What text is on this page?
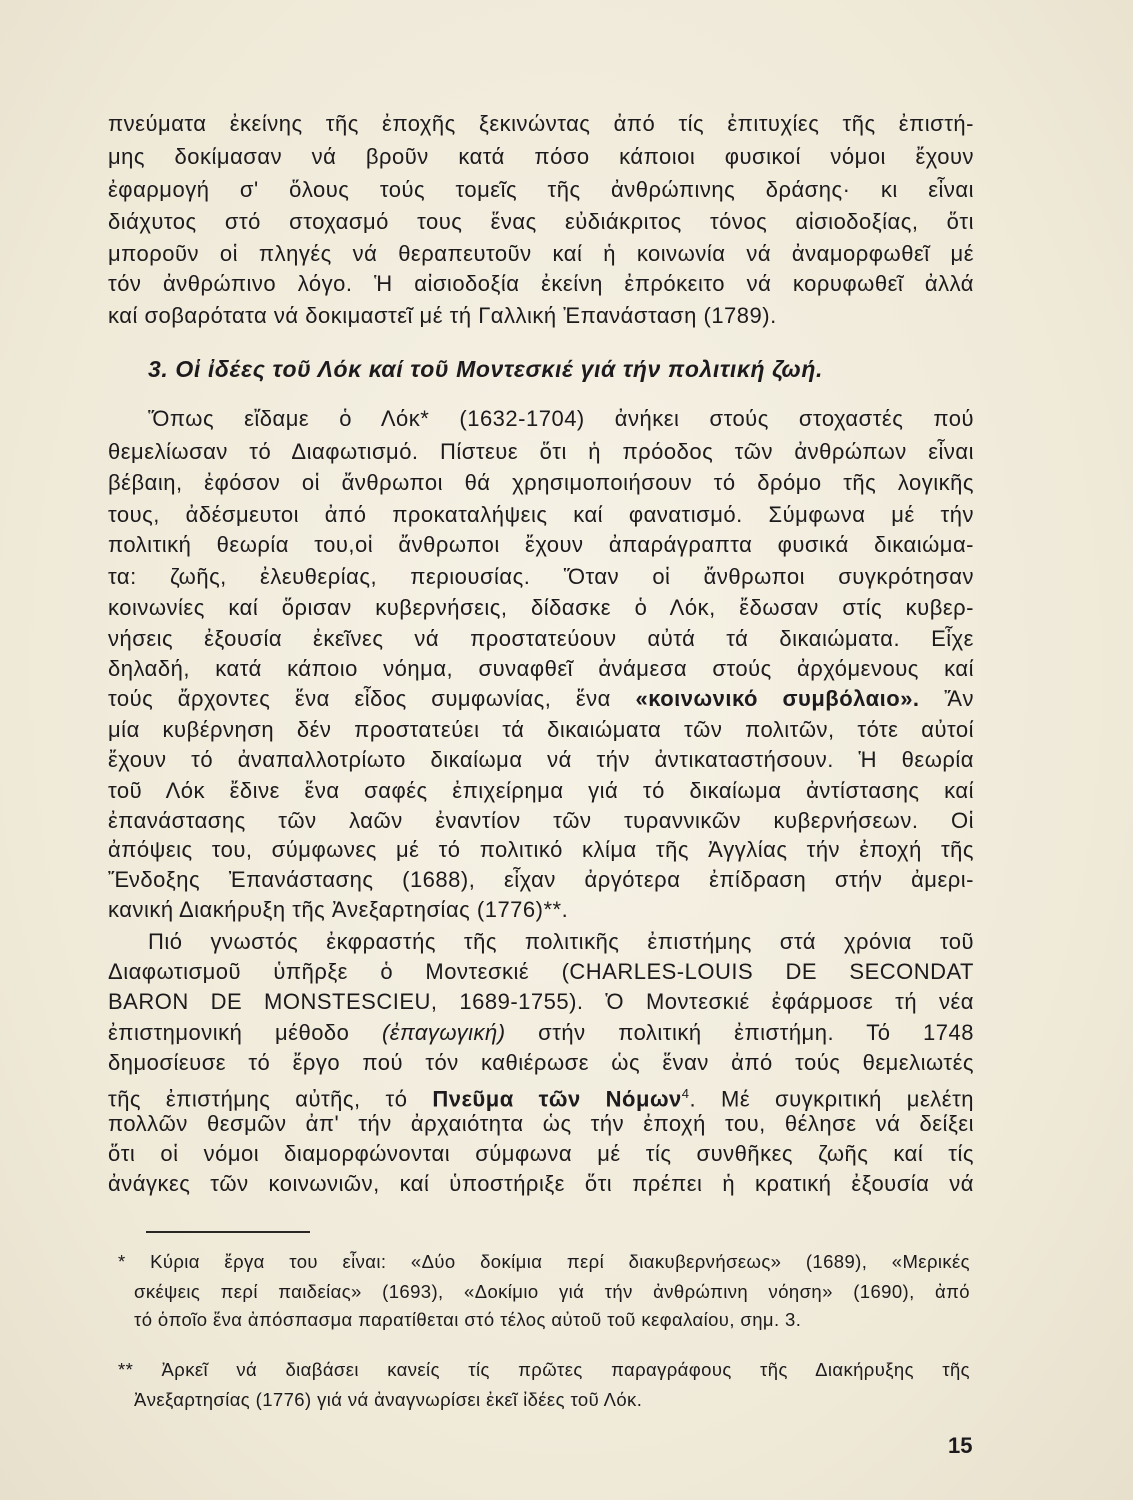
πνεύματα ἐκείνης τῆς ἐποχῆς ξεκινώντας ἀπό τίς ἐπιτυχίες τῆς ἐπιστή-
μης δοκίμασαν νά βροῦν κατά πόσο κάποιοι φυσικοί νόμοι ἔχουν
ἐφαρμογή σ' ὅλους τούς τομεῖς τῆς ἀνθρώπινης δράσης· κι εἶναι
διάχυτος στό στοχασμό τους ἕνας εὐδιάκριτος τόνος αἰσιοδοξίας, ὅτι
μποροῦν οἱ πληγές νά θεραπευτοῦν καί ἡ κοινωνία νά ἀναμορφωθεῖ μέ
τόν ἀνθρώπινο λόγο. Ἡ αἰσιοδοξία ἐκείνη ἐπρόκειτο νά κορυφωθεῖ ἀλλά
καί σοβαρότατα νά δοκιμαστεῖ μέ τή Γαλλική Ἐπανάσταση (1789).
3. Οἱ ἰδέες τοῦ Λόκ καί τοῦ Μοντεσκιέ γιά τήν πολιτική ζωή.
Ὅπως εἴδαμε ὁ Λόκ* (1632-1704) ἀνήκει στούς στοχαστές πού
θεμελίωσαν τό Διαφωτισμό. Πίστευε ὅτι ἡ πρόοδος τῶν ἀνθρώπων εἶναι
βέβαιη, ἐφόσον οἱ ἄνθρωποι θά χρησιμοποιήσουν τό δρόμο τῆς λογικῆς
τους, ἀδέσμευτοι ἀπό προκαταλήψεις καί φανατισμό. Σύμφωνα μέ τήν
πολιτική θεωρία του,οἱ ἄνθρωποι ἔχουν ἀπαράγραπτα φυσικά δικαιώμα-
τα: ζωῆς, ἐλευθερίας, περιουσίας. Ὅταν οἱ ἄνθρωποι συγκρότησαν
κοινωνίες καί ὅρισαν κυβερνήσεις, δίδασκε ὁ Λόκ, ἔδωσαν στίς κυβερ-
νήσεις ἐξουσία ἐκεῖνες νά προστατεύουν αὐτά τά δικαιώματα. Εἶχε
δηλαδή, κατά κάποιο νόημα, συναφθεῖ ἀνάμεσα στούς ἀρχόμενους καί
τούς ἄρχοντες ἕνα εἶδος συμφωνίας, ἕνα «κοινωνικό συμβόλαιο». Ἄν
μία κυβέρνηση δέν προστατεύει τά δικαιώματα τῶν πολιτῶν, τότε αὐτοί
ἔχουν τό ἀναπαλλοτρίωτο δικαίωμα νά τήν ἀντικαταστήσουν. Ἡ θεωρία
τοῦ Λόκ ἔδινε ἕνα σαφές ἐπιχείρημα γιά τό δικαίωμα ἀντίστασης καί
ἐπανάστασης τῶν λαῶν ἐναντίον τῶν τυραννικῶν κυβερνήσεων. Οἱ
ἀπόψεις του, σύμφωνες μέ τό πολιτικό κλίμα τῆς Ἀγγλίας τήν ἐποχή τῆς
Ἔνδοξης Ἐπανάστασης (1688), εἶχαν ἀργότερα ἐπίδραση στήν ἀμερι-
κανική Διακήρυξη τῆς Ἀνεξαρτησίας (1776)**.
Πιό γνωστός ἐκφραστής τῆς πολιτικῆς ἐπιστήμης στά χρόνια τοῦ
Διαφωτισμοῦ ὑπῆρξε ὁ Μοντεσκιέ (CHARLES-LOUIS DE SECONDAT
BARON DE MONSTESCIEU, 1689-1755). Ὁ Μοντεσκιέ ἐφάρμοσε τή νέα
ἐπιστημονική μέθοδο (ἐπαγωγική) στήν πολιτική ἐπιστήμη. Τό 1748
δημοσίευσε τό ἔργο πού τόν καθιέρωσε ὡς ἕναν ἀπό τούς θεμελιωτές
τῆς ἐπιστήμης αὐτῆς, τό Πνεῦμα τῶν Νόμων$^4$. Μέ συγκριτική μελέτη
πολλῶν θεσμῶν ἀπ' τήν ἀρχαιότητα ὡς τήν ἐποχή του, θέλησε νά δείξει
ὅτι οἱ νόμοι διαμορφώνονται σύμφωνα μέ τίς συνθῆκες ζωῆς καί τίς
ἀνάγκες τῶν κοινωνιῶν, καί ὑποστήριξε ὅτι πρέπει ἡ κρατική ἐξουσία νά
* Κύρια ἔργα του εἶναι: «Δύο δοκίμια περί διακυβερνήσεως» (1689), «Μερικές
σκέψεις περί παιδείας» (1693), «Δοκίμιο γιά τήν ἀνθρώπινη νόηση» (1690), ἀπό
τό ὁποῖο ἕνα ἀπόσπασμα παρατίθεται στό τέλος αὐτοῦ τοῦ κεφαλαίου, σημ. 3.
** Ἀρκεῖ νά διαβάσει κανείς τίς πρῶτες παραγράφους τῆς Διακήρυξης τῆς
Ἀνεξαρτησίας (1776) γιά νά ἀναγνωρίσει ἐκεῖ ἰδέες τοῦ Λόκ.
15
